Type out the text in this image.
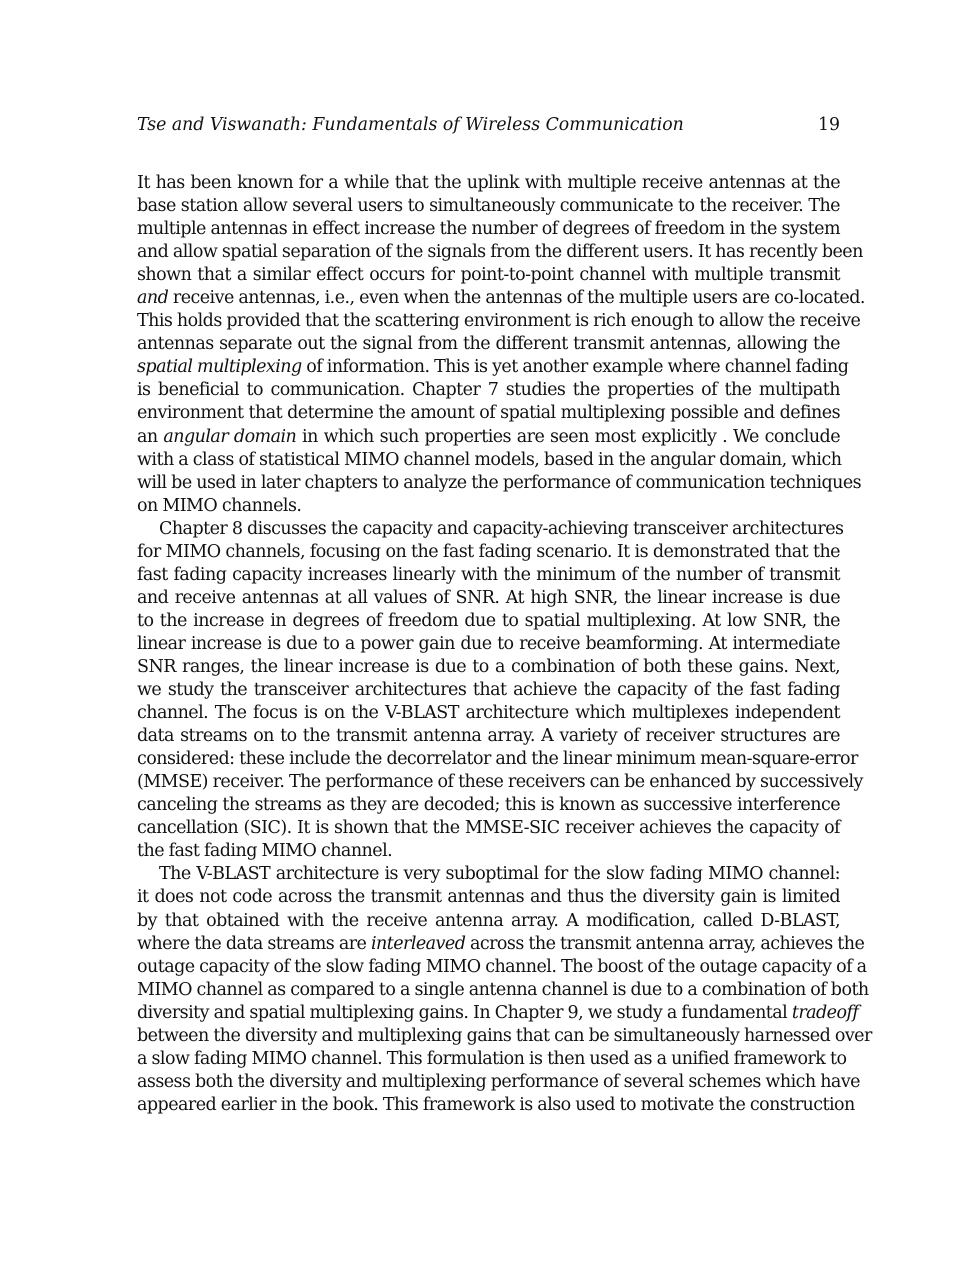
Tse and Viswanath: Fundamentals of Wireless Communication	19
It has been known for a while that the uplink with multiple receive antennas at the
base station allow several users to simultaneously communicate to the receiver. The
multiple antennas in effect increase the number of degrees of freedom in the system
and allow spatial separation of the signals from the different users. It has recently been
shown that a similar effect occurs for point-to-point channel with multiple transmit
and receive antennas, i.e., even when the antennas of the multiple users are co-located.
This holds provided that the scattering environment is rich enough to allow the receive
antennas separate out the signal from the different transmit antennas, allowing the
spatial multiplexing of information. This is yet another example where channel fading
is beneficial to communication. Chapter 7 studies the properties of the multipath
environment that determine the amount of spatial multiplexing possible and defines
an angular domain in which such properties are seen most explicitly . We conclude
with a class of statistical MIMO channel models, based in the angular domain, which
will be used in later chapters to analyze the performance of communication techniques
on MIMO channels.
Chapter 8 discusses the capacity and capacity-achieving transceiver architectures
for MIMO channels, focusing on the fast fading scenario. It is demonstrated that the
fast fading capacity increases linearly with the minimum of the number of transmit
and receive antennas at all values of SNR. At high SNR, the linear increase is due
to the increase in degrees of freedom due to spatial multiplexing. At low SNR, the
linear increase is due to a power gain due to receive beamforming. At intermediate
SNR ranges, the linear increase is due to a combination of both these gains. Next,
we study the transceiver architectures that achieve the capacity of the fast fading
channel. The focus is on the V-BLAST architecture which multiplexes independent
data streams on to the transmit antenna array. A variety of receiver structures are
considered: these include the decorrelator and the linear minimum mean-square-error
(MMSE) receiver. The performance of these receivers can be enhanced by successively
canceling the streams as they are decoded; this is known as successive interference
cancellation (SIC). It is shown that the MMSE-SIC receiver achieves the capacity of
the fast fading MIMO channel.
The V-BLAST architecture is very suboptimal for the slow fading MIMO channel:
it does not code across the transmit antennas and thus the diversity gain is limited
by that obtained with the receive antenna array. A modification, called D-BLAST,
where the data streams are interleaved across the transmit antenna array, achieves the
outage capacity of the slow fading MIMO channel. The boost of the outage capacity of a
MIMO channel as compared to a single antenna channel is due to a combination of both
diversity and spatial multiplexing gains. In Chapter 9, we study a fundamental tradeoff
between the diversity and multiplexing gains that can be simultaneously harnessed over
a slow fading MIMO channel. This formulation is then used as a unified framework to
assess both the diversity and multiplexing performance of several schemes which have
appeared earlier in the book. This framework is also used to motivate the construction
